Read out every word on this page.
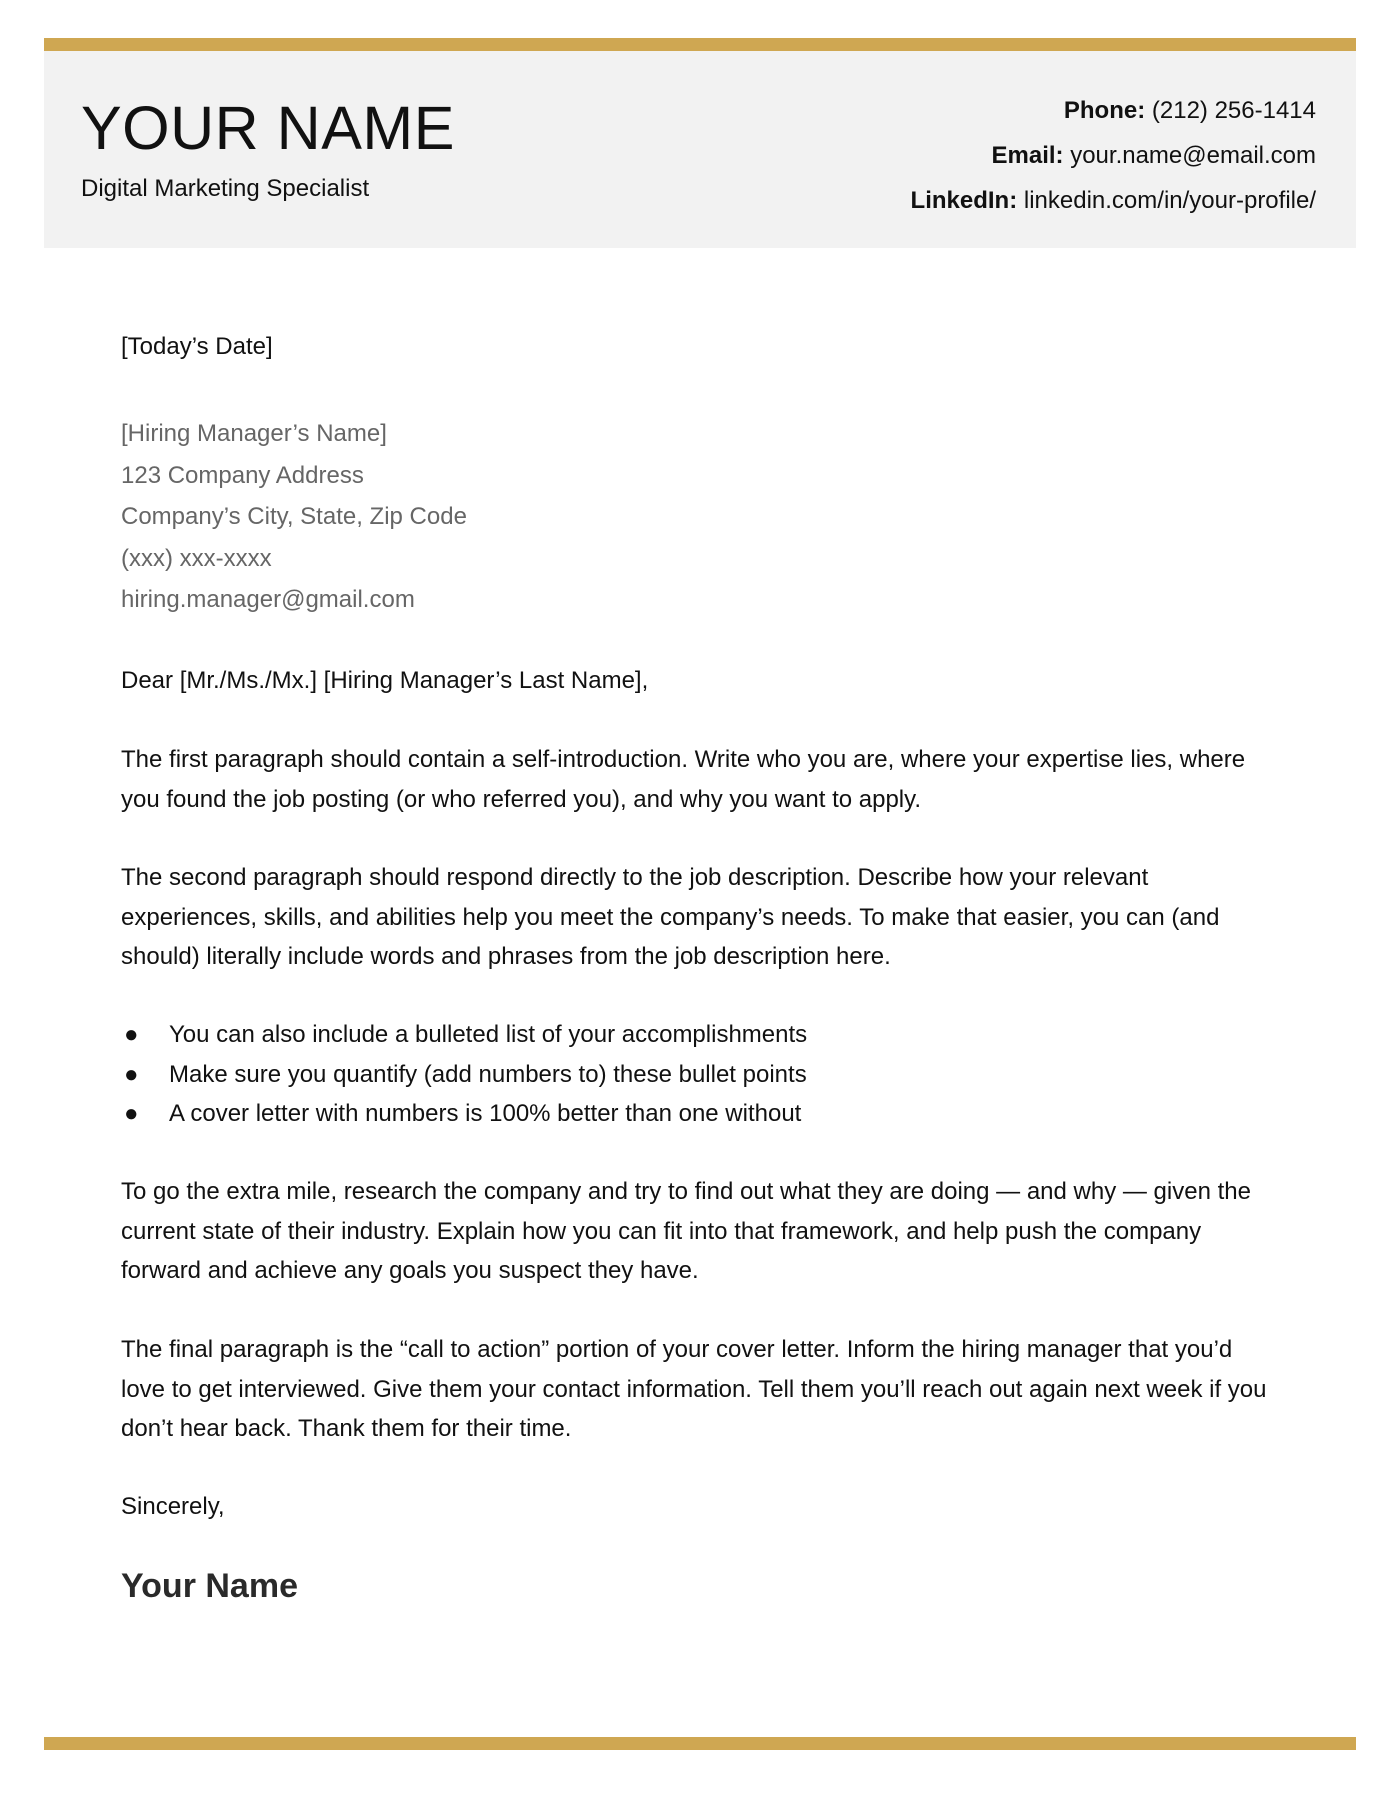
YOUR NAME
Digital Marketing Specialist
Phone: (212) 256-1414
Email: your.name@email.com
LinkedIn: linkedin.com/in/your-profile/
[Today’s Date]
[Hiring Manager’s Name]
123 Company Address
Company’s City, State, Zip Code
(xxx) xxx-xxxx
hiring.manager@gmail.com
Dear [Mr./Ms./Mx.] [Hiring Manager’s Last Name],

The first paragraph should contain a self-introduction. Write who you are, where your expertise lies, where you found the job posting (or who referred you), and why you want to apply.

The second paragraph should respond directly to the job description. Describe how your relevant experiences, skills, and abilities help you meet the company’s needs. To make that easier, you can (and should) literally include words and phrases from the job description here.

● You can also include a bulleted list of your accomplishments
● Make sure you quantify (add numbers to) these bullet points
● A cover letter with numbers is 100% better than one without

To go the extra mile, research the company and try to find out what they are doing — and why — given the current state of their industry. Explain how you can fit into that framework, and help push the company forward and achieve any goals you suspect they have.

The final paragraph is the “call to action” portion of your cover letter. Inform the hiring manager that you’d love to get interviewed. Give them your contact information. Tell them you’ll reach out again next week if you don’t hear back. Thank them for their time.

Sincerely,
Your Name
